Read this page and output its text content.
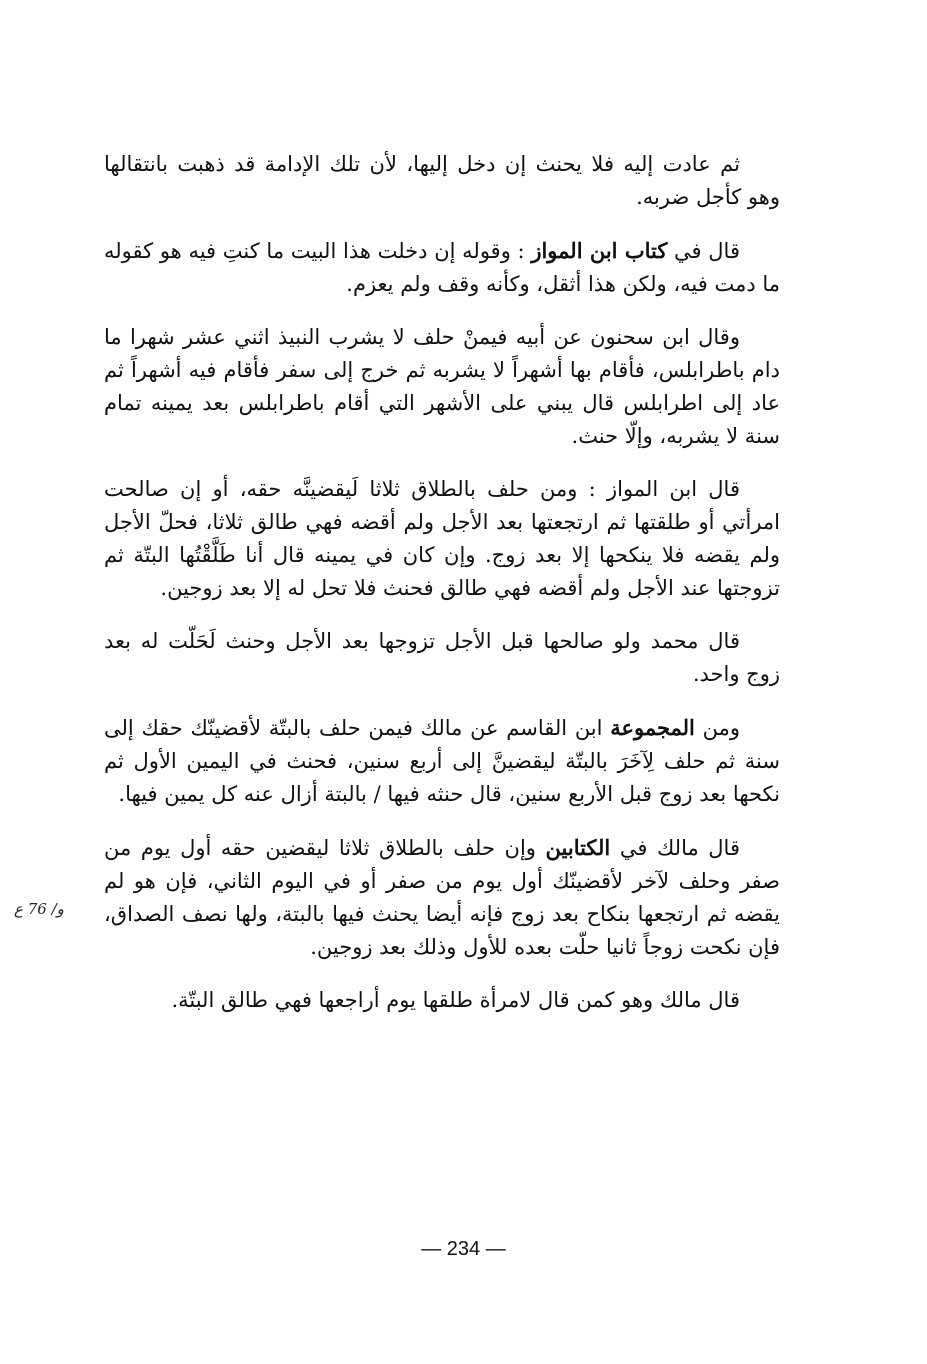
ثم عادت إليه فلا يحنث إن دخل إليها، لأن تلك الإدامة قد ذهبت بانتقالها وهو كأجل ضربه.

قال في كتاب ابن المواز : وقوله إن دخلت هذا البيت ما كنتِ فيه هو كقوله ما دمت فيه، ولكن هذا أثقل، وكأنه وقف ولم يعزم.

وقال ابن سحنون عن أبيه فيمنْ حلف لا يشرب النبيذ اثني عشر شهرا ما دام باطرابلس، فأقام بها أشهراً لا يشربه ثم خرج إلى سفر فأقام فيه أشهراً ثم عاد إلى اطرابلس قال يبني على الأشهر التي أقام باطرابلس بعد يمينه تمام سنة لا يشربه، وإلّا حنث.

قال ابن المواز : ومن حلف بالطلاق ثلاثا لَيقضينَّه حقه، أو إن صالحت امرأتي أو طلقتها ثم ارتجعتها بعد الأجل ولم أقضه فهي طالق ثلاثا، فحلّ الأجل ولم يقضه فلا ينكحها إلا بعد زوج. وإن كان في يمينه قال أنا طَلَّقْتُها البتّة ثم تزوجتها عند الأجل ولم أقضه فهي طالق فحنث فلا تحل له إلا بعد زوجين.

قال محمد ولو صالحها قبل الأجل تزوجها بعد الأجل وحنث لَحَلّت له بعد زوج واحد.

ومن المجموعة ابن القاسم عن مالك فيمن حلف بالبتّة لأقضينّك حقك إلى سنة ثم حلف لِآخَرَ بالبتّة ليقضينَّ إلى أربع سنين، فحنث في اليمين الأول ثم نكحها بعد زوج قبل الأربع سنين، قال حنثه فيها / بالبتة أزال عنه كل يمين فيها.

قال مالك في الكتابين وإن حلف بالطلاق ثلاثا ليقضين حقه أول يوم من صفر وحلف لآخر لأقضينّك أول يوم من صفر أو في اليوم الثاني، فإن هو لم يقضه ثم ارتجعها بنكاح بعد زوج فإنه أيضا يحنث فيها بالبتة، ولها نصف الصداق، فإن نكحت زوجاً ثانيا حلّت بعده للأول وذلك بعد زوجين.

قال مالك وهو كمن قال لامرأة طلقها يوم أراجعها فهي طالق البتّة.

و/ 76 ع
— 234 —
